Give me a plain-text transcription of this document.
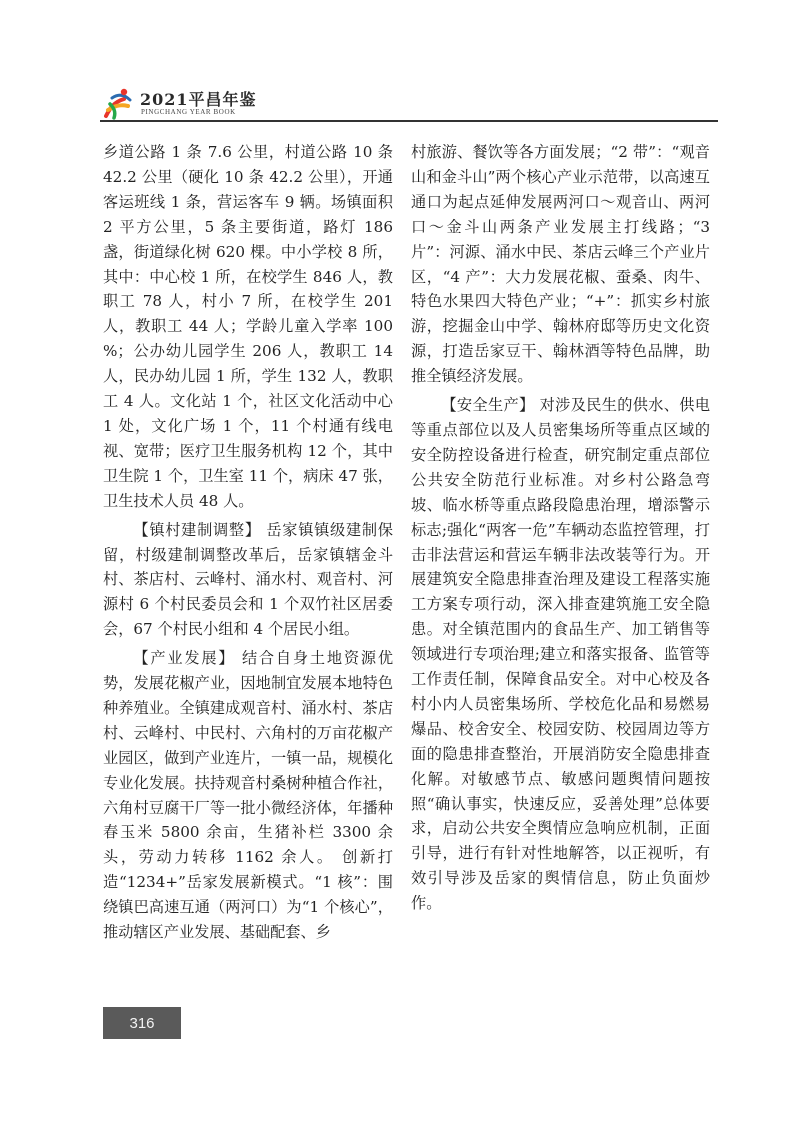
2021平昌年鉴
PINGCHANG YEAR BOOK

乡道公路 1 条 7.6 公里，村道公路 10 条 42.2 公里（硬化 10 条 42.2 公里），开通客运班线 1 条，营运客车 9 辆。场镇面积 2 平方公里，5 条主要街道，路灯 186 盏，街道绿化树 620 棵。中小学校 8 所，其中：中心校 1 所，在校学生 846 人，教职工 78 人，村小 7 所，在校学生 201 人，教职工 44 人；学龄儿童入学率 100 %；公办幼儿园学生 206 人，教职工 14 人，民办幼儿园 1 所，学生 132 人，教职工 4 人。文化站 1 个，社区文化活动中心 1 处，文化广场 1 个，11 个村通有线电视、宽带；医疗卫生服务机构 12 个，其中卫生院 1 个，卫生室 11 个，病床 47 张，卫生技术人员 48 人。

【镇村建制调整】 岳家镇镇级建制保留，村级建制调整改革后，岳家镇辖金斗村、茶店村、云峰村、涌水村、观音村、河源村 6 个村民委员会和 1 个双竹社区居委会，67 个村民小组和 4 个居民小组。

【产业发展】 结合自身土地资源优势，发展花椒产业，因地制宜发展本地特色种养殖业。全镇建成观音村、涌水村、茶店村、云峰村、中民村、六角村的万亩花椒产业园区，做到产业连片，一镇一品，规模化专业化发展。扶持观音村桑树种植合作社，六角村豆腐干厂等一批小微经济体，年播种春玉米 5800 余亩，生猪补栏 3300 余头，劳动力转移 1162 余人。 创新打造“1234+”岳家发展新模式。“1 核”：围绕镇巴高速互通（两河口）为“1 个核心”，推动辖区产业发展、基础配套、乡

村旅游、餐饮等各方面发展；“2 带”：“观音山和金斗山”两个核心产业示范带，以高速互通口为起点延伸发展两河口～观音山、两河口～金斗山两条产业发展主打线路；“3 片”：河源、涌水中民、茶店云峰三个产业片区，“4 产”：大力发展花椒、蚕桑、肉牛、特色水果四大特色产业；“+”：抓实乡村旅游，挖掘金山中学、翰林府邸等历史文化资源，打造岳家豆干、翰林酒等特色品牌，助推全镇经济发展。

【安全生产】 对涉及民生的供水、供电等重点部位以及人员密集场所等重点区域的安全防控设备进行检查，研究制定重点部位公共安全防范行业标准。对乡村公路急弯坡、临水桥等重点路段隐患治理，增添警示标志;强化“两客一危”车辆动态监控管理，打击非法营运和营运车辆非法改装等行为。开展建筑安全隐患排查治理及建设工程落实施工方案专项行动，深入排查建筑施工安全隐患。对全镇范围内的食品生产、加工销售等领域进行专项治理;建立和落实报备、监管等工作责任制，保障食品安全。对中心校及各村小内人员密集场所、学校危化品和易燃易爆品、校舍安全、校园安防、校园周边等方面的隐患排查整治，开展消防安全隐患排查化解。对敏感节点、敏感问题舆情问题按照“确认事实，快速反应，妥善处理”总体要求，启动公共安全舆情应急响应机制，正面引导，进行有针对性地解答，以正视听，有效引导涉及岳家的舆情信息，防止负面炒作。

316
